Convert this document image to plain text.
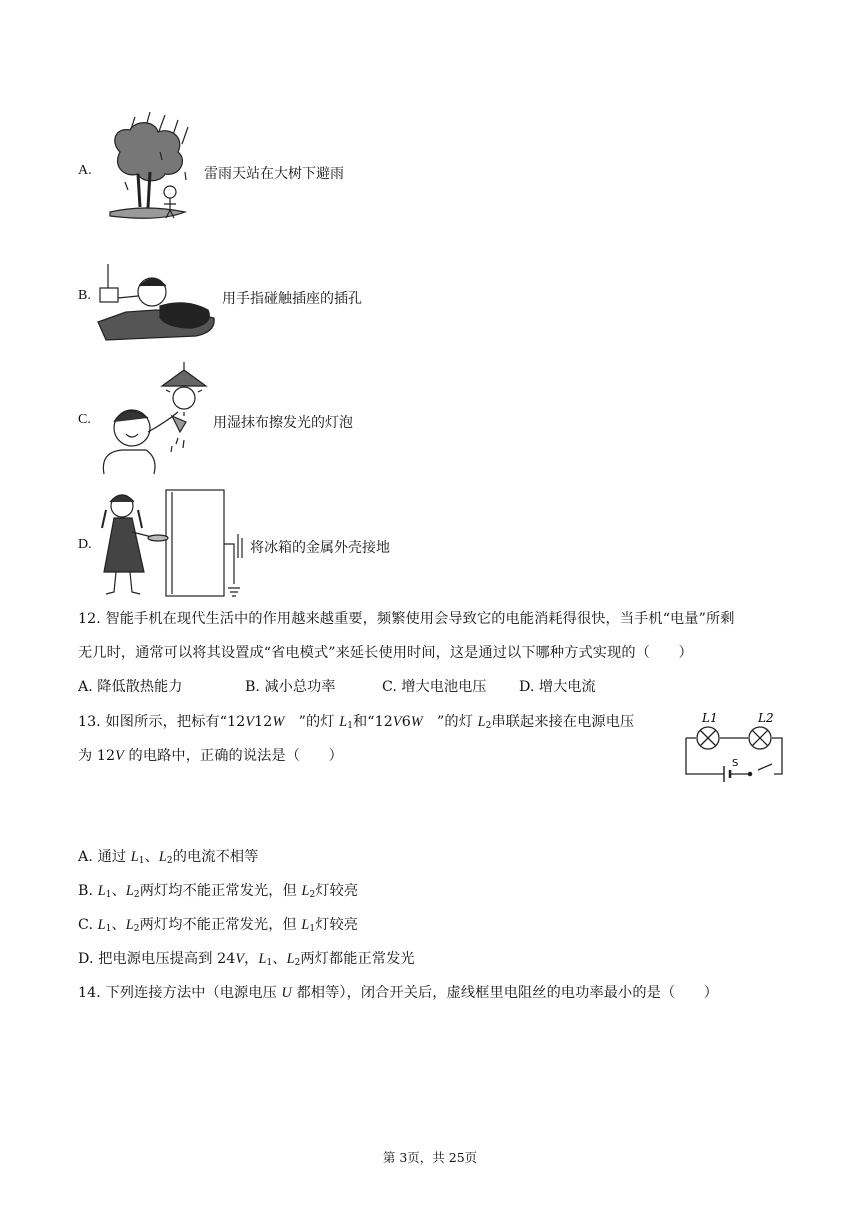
A.	雷雨天站在大树下避雨
B.	用手指碰触插座的插孔
C.	用湿抹布擦发光的灯泡
D.	将冰箱的金属外壳接地
12. 智能手机在现代生活中的作用越来越重要，频繁使用会导致它的电能消耗得很快，当手机“电量”所剩
无几时，通常可以将其设置成“省电模式”来延长使用时间，这是通过以下哪种方式实现的（　　）
A. 降低散热能力	B. 减小总功率	C. 增大电池电压 D. 增大电流
13. 如图所示，把标有“12V12W　”的灯 $L_1$和“12V6W　”的灯 $L_2$串联起来接在电源电压
为 12V 的电路中，正确的说法是（　　）
L1	L2
S
A. 通过 $L_1$、$L_2$的电流不相等
B. $L_1$、$L_2$两灯均不能正常发光，但 $L_2$灯较亮
C. $L_1$、$L_2$两灯均不能正常发光，但 $L_1$灯较亮
D. 把电源电压提高到 24V，$L_1$、$L_2$两灯都能正常发光
14. 下列连接方法中（电源电压 U 都相等），闭合开关后，虚线框里电阻丝的电功率最小的是（　　）
第 3页，共 25页
